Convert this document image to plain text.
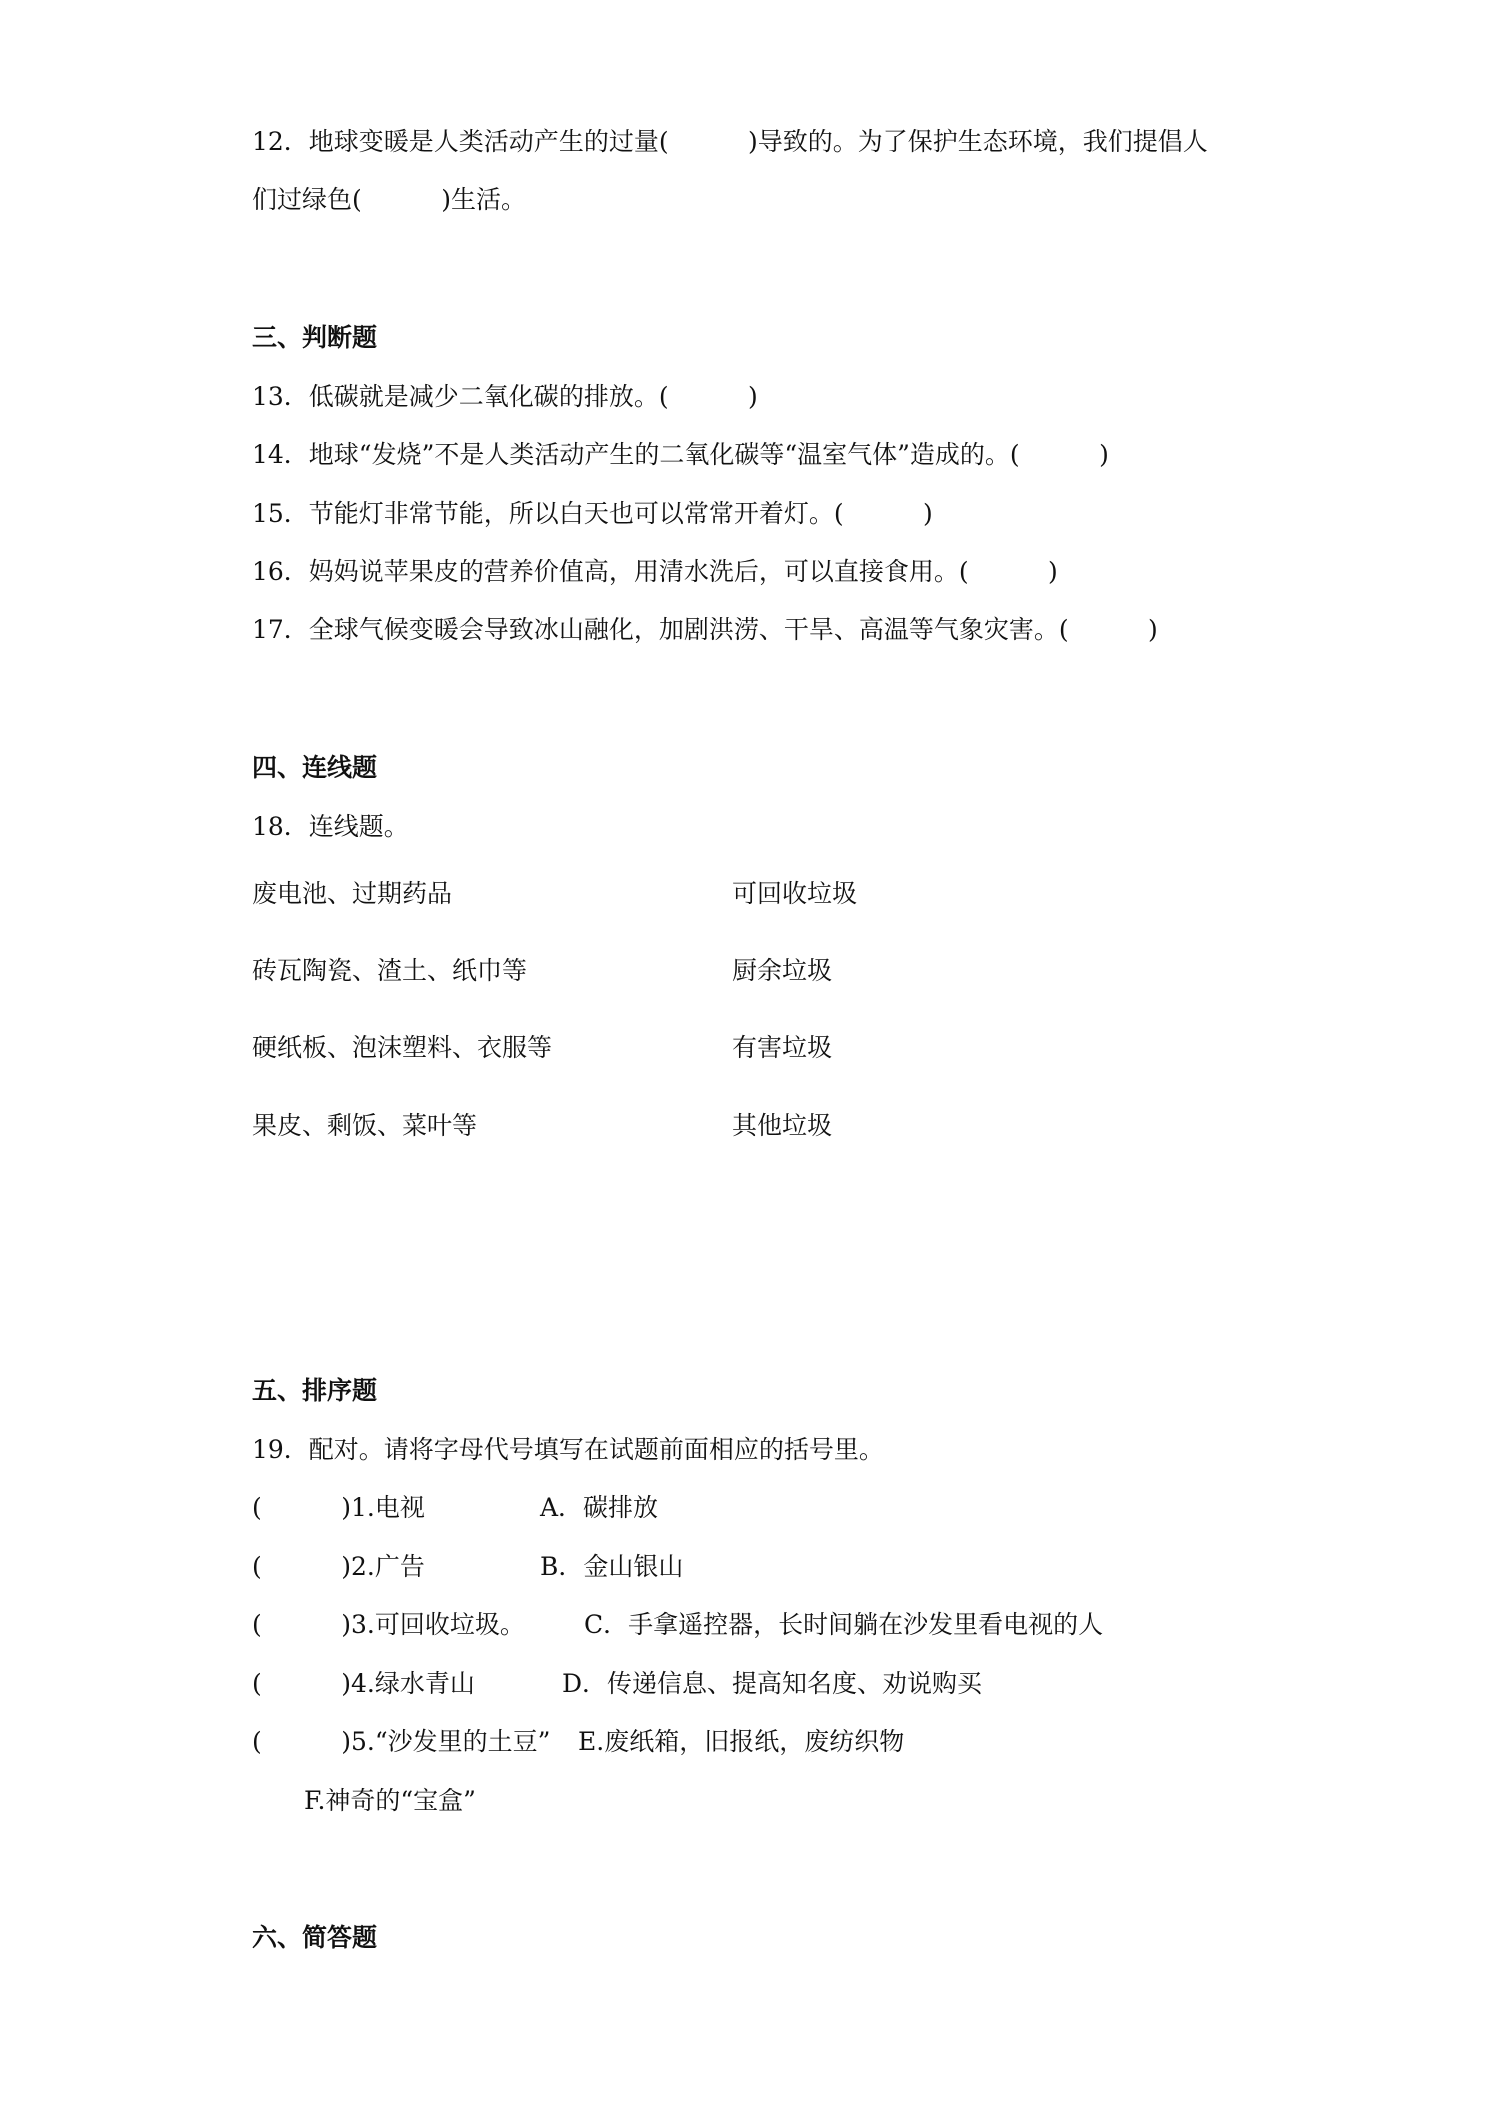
12．地球变暖是人类活动产生的过量(          )导致的。为了保护生态环境，我们提倡人
们过绿色(          )生活。
三、判断题
13．低碳就是减少二氧化碳的排放。(          )
14．地球“发烧”不是人类活动产生的二氧化碳等“温室气体”造成的。(          )
15．节能灯非常节能，所以白天也可以常常开着灯。(          )
16．妈妈说苹果皮的营养价值高，用清水洗后，可以直接食用。(          )
17．全球气候变暖会导致冰山融化，加剧洪涝、干旱、高温等气象灾害。(          )
四、连线题
18．连线题。
废电池、过期药品	可回收垃圾
砖瓦陶瓷、渣土、纸巾等	厨余垃圾
硬纸板、泡沫塑料、衣服等	有害垃圾
果皮、剩饭、菜叶等	其他垃圾
五、排序题
19．配对。请将字母代号填写在试题前面相应的括号里。
(          )1.电视	A．碳排放
(          )2.广告	B．金山银山
(          )3.可回收垃圾。 C．手拿遥控器，长时间躺在沙发里看电视的人
(          )4.绿水青山	D．传递信息、提高知名度、劝说购买
(          )5.“沙发里的土豆” E.废纸箱，旧报纸，废纺织物
F.神奇的“宝盒”
六、简答题
